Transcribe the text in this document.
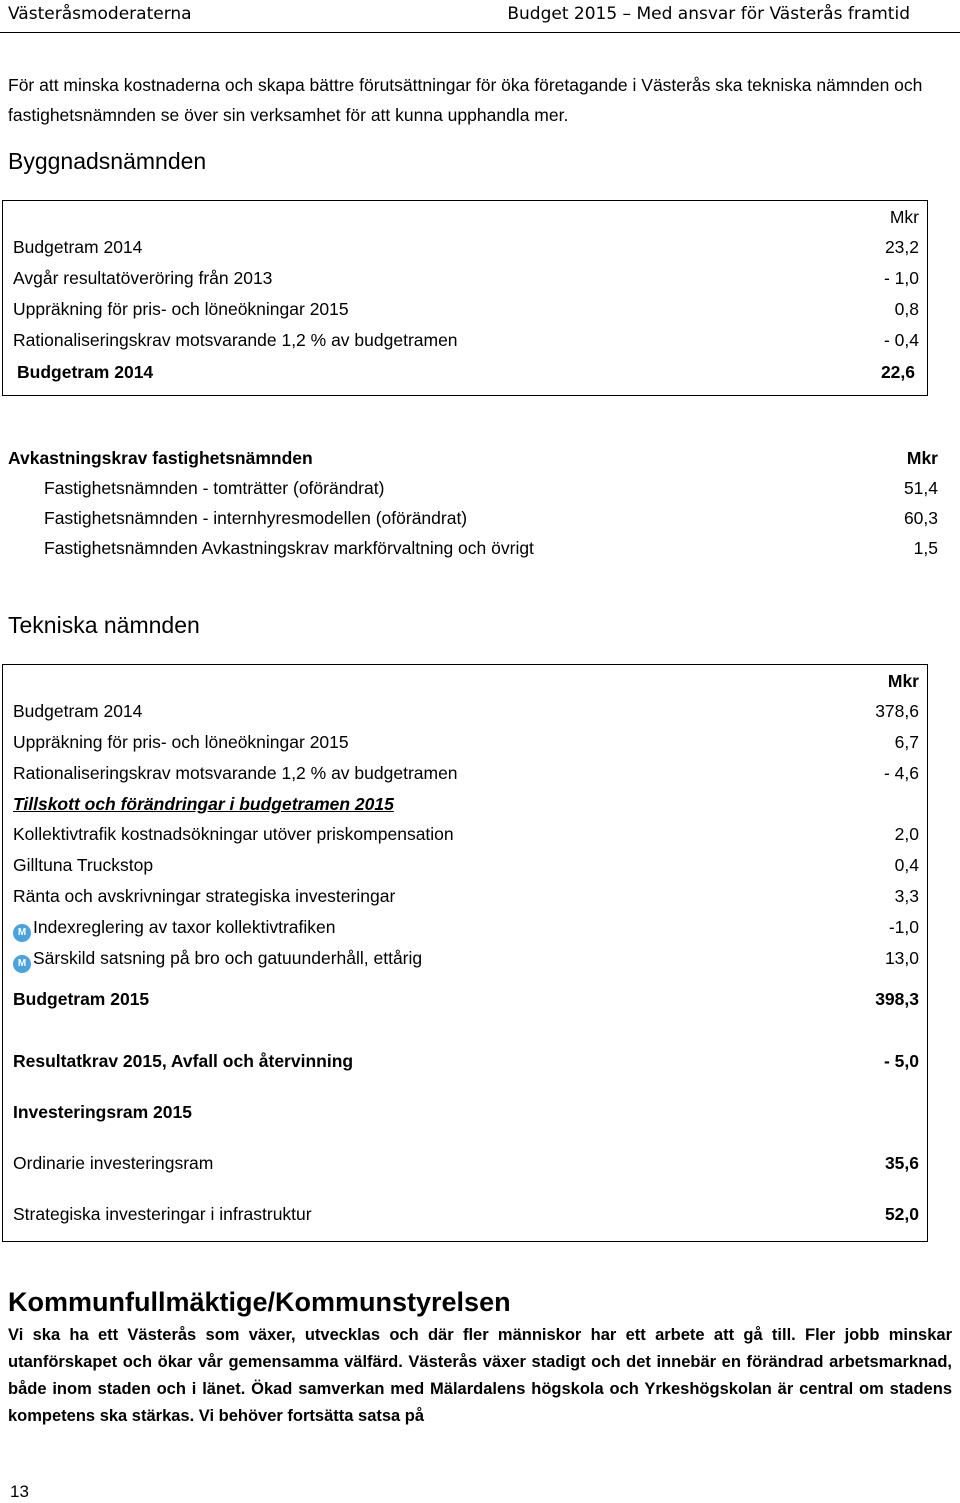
Västeråsmoderaterna	Budget 2015 – Med ansvar för Västerås framtid
För att minska kostnaderna och skapa bättre förutsättningar för öka företagande i Västerås ska tekniska nämnden och fastighetsnämnden se över sin verksamhet för att kunna upphandla mer.
Byggnadsnämnden
Mkr
Budgetram 2014	23,2
Avgår resultatöveröring från 2013	- 1,0
Uppräkning för pris- och löneökningar 2015	0,8
Rationaliseringskrav motsvarande 1,2 % av budgetramen	- 0,4
Budgetram 2014	22,6
Avkastningskrav fastighetsnämnden	Mkr
Fastighetsnämnden - tomträtter (oförändrat)	51,4
Fastighetsnämnden - internhyresmodellen (oförändrat)	60,3
Fastighetsnämnden Avkastningskrav markförvaltning och övrigt	1,5
Tekniska nämnden
Mkr
Budgetram 2014	378,6
Uppräkning för pris- och löneökningar 2015	6,7
Rationaliseringskrav motsvarande 1,2 % av budgetramen	- 4,6
Tillskott och förändringar i budgetramen 2015
Kollektivtrafik kostnadsökningar utöver priskompensation	2,0
Gilltuna Truckstop	0,4
Ränta och avskrivningar strategiska investeringar	3,3
M Indexreglering av taxor kollektivtrafiken	-1,0
M Särskild satsning på bro och gatuunderhåll, ettårig	13,0
Budgetram 2015	398,3
Resultatkrav 2015, Avfall och återvinning	- 5,0
Investeringsram 2015
Ordinarie investeringsram	35,6
Strategiska investeringar i infrastruktur	52,0
Kommunfullmäktige/Kommunstyrelsen
Vi ska ha ett Västerås som växer, utvecklas och där fler människor har ett arbete att gå till. Fler jobb minskar utanförskapet och ökar vår gemensamma välfärd. Västerås växer stadigt och det innebär en förändrad arbetsmarknad, både inom staden och i länet. Ökad samverkan med Mälardalens högskola och Yrkeshögskolan är central om stadens kompetens ska stärkas. Vi behöver fortsätta satsa på
13
